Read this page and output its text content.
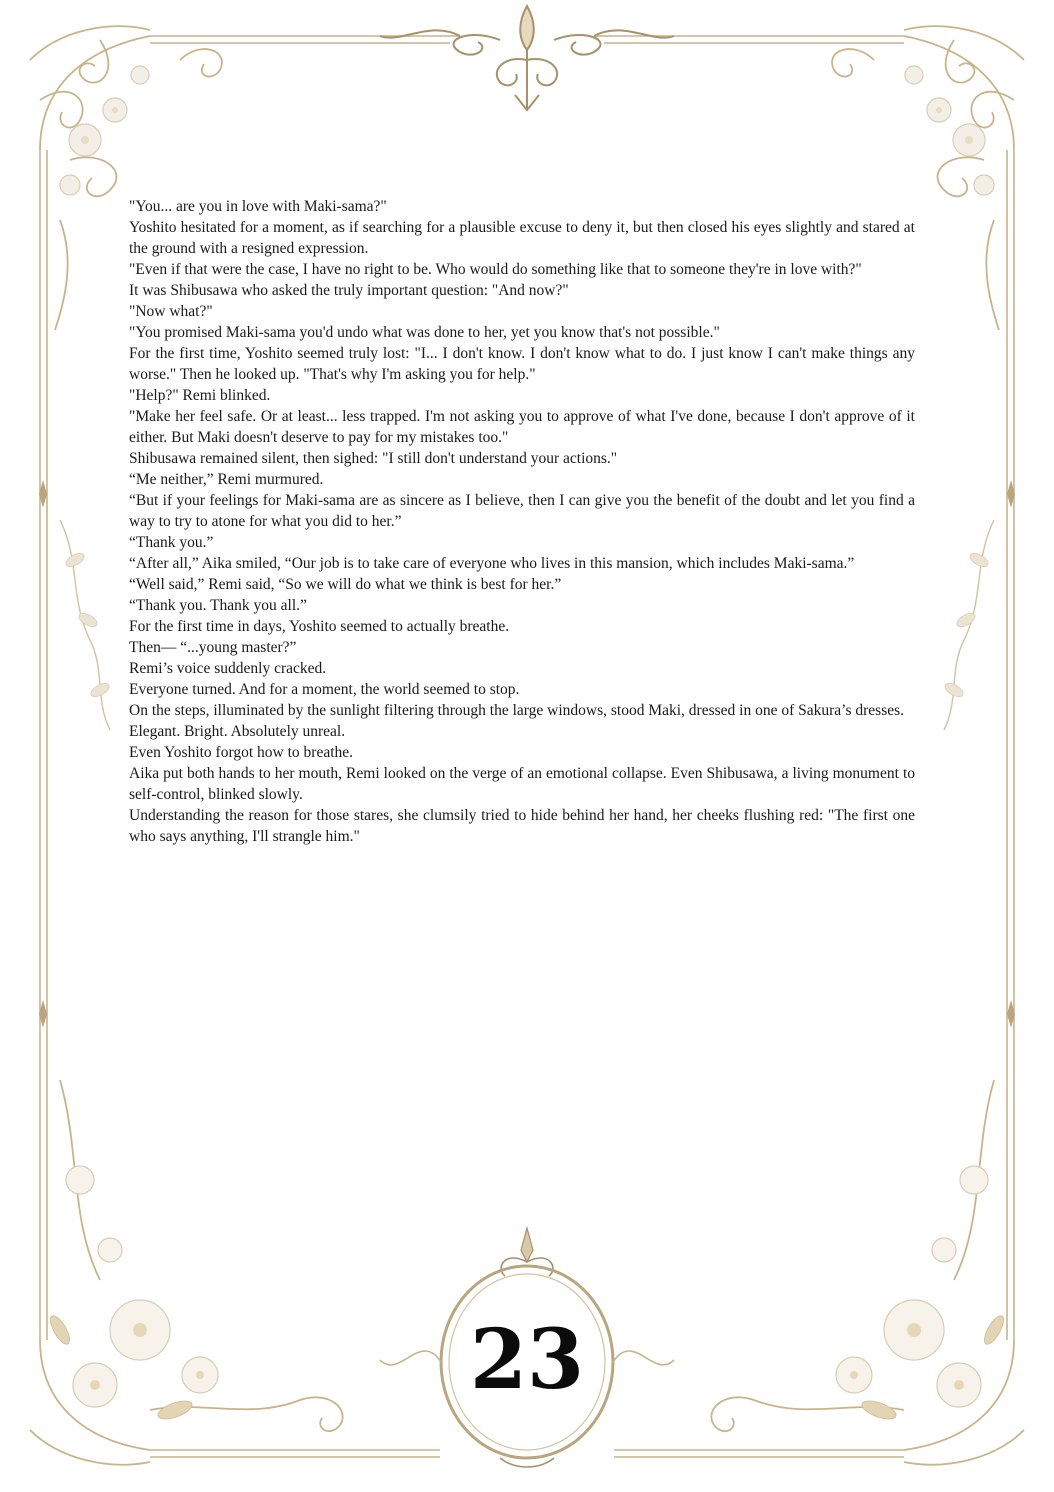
"You... are you in love with Maki-sama?"

Yoshito hesitated for a moment, as if searching for a plausible excuse to deny it, but then closed his eyes slightly and stared at the ground with a resigned expression.

"Even if that were the case, I have no right to be. Who would do something like that to someone they're in love with?"

It was Shibusawa who asked the truly important question: "And now?"

"Now what?"

"You promised Maki-sama you'd undo what was done to her, yet you know that's not possible."

For the first time, Yoshito seemed truly lost: "I... I don't know. I don't know what to do. I just know I can't make things any worse." Then he looked up. "That's why I'm asking you for help."

"Help?" Remi blinked.

"Make her feel safe. Or at least... less trapped. I'm not asking you to approve of what I've done, because I don't approve of it either. But Maki doesn't deserve to pay for my mistakes too."

Shibusawa remained silent, then sighed: "I still don't understand your actions."

“Me neither,” Remi murmured.

“But if your feelings for Maki-sama are as sincere as I believe, then I can give you the benefit of the doubt and let you find a way to try to atone for what you did to her.”

“Thank you.”

“After all,” Aika smiled, “Our job is to take care of everyone who lives in this mansion, which includes Maki-sama.”

“Well said,” Remi said, “So we will do what we think is best for her.”

“Thank you. Thank you all.”

For the first time in days, Yoshito seemed to actually breathe.

Then— “...young master?”

Remi’s voice suddenly cracked.

Everyone turned. And for a moment, the world seemed to stop.

On the steps, illuminated by the sunlight filtering through the large windows, stood Maki, dressed in one of Sakura’s dresses.

Elegant. Bright. Absolutely unreal.

Even Yoshito forgot how to breathe.

Aika put both hands to her mouth, Remi looked on the verge of an emotional collapse. Even Shibusawa, a living monument to self-control, blinked slowly.

Understanding the reason for those stares, she clumsily tried to hide behind her hand, her cheeks flushing red: "The first one who says anything, I'll strangle him."

23
